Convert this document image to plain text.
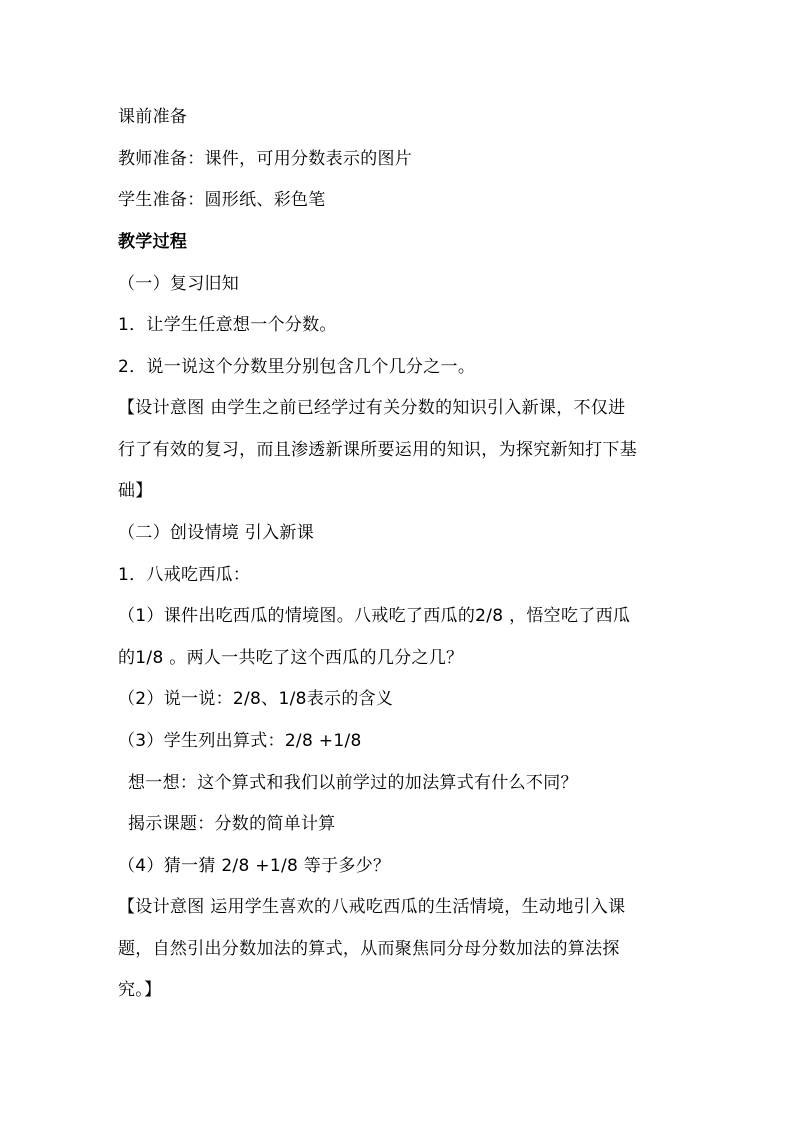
课前准备
教师准备：课件，可用分数表示的图片
学生准备：圆形纸、彩色笔
教学过程
（一）复习旧知
1．让学生任意想一个分数。
2．说一说这个分数里分别包含几个几分之一。
【设计意图 由学生之前已经学过有关分数的知识引入新课，不仅进
行了有效的复习，而且渗透新课所要运用的知识，为探究新知打下基
础】
（二）创设情境 引入新课
1．八戒吃西瓜：
（1）课件出吃西瓜的情境图。八戒吃了西瓜的2/8 ，悟空吃了西瓜
的1/8 。两人一共吃了这个西瓜的几分之几？
（2）说一说：2/8、1/8表示的含义
（3）学生列出算式：2/8 +1/8
想一想：这个算式和我们以前学过的加法算式有什么不同？
揭示课题：分数的简单计算
（4）猜一猜 2/8 +1/8 等于多少？
【设计意图 运用学生喜欢的八戒吃西瓜的生活情境，生动地引入课
题，自然引出分数加法的算式，从而聚焦同分母分数加法的算法探
究。】
